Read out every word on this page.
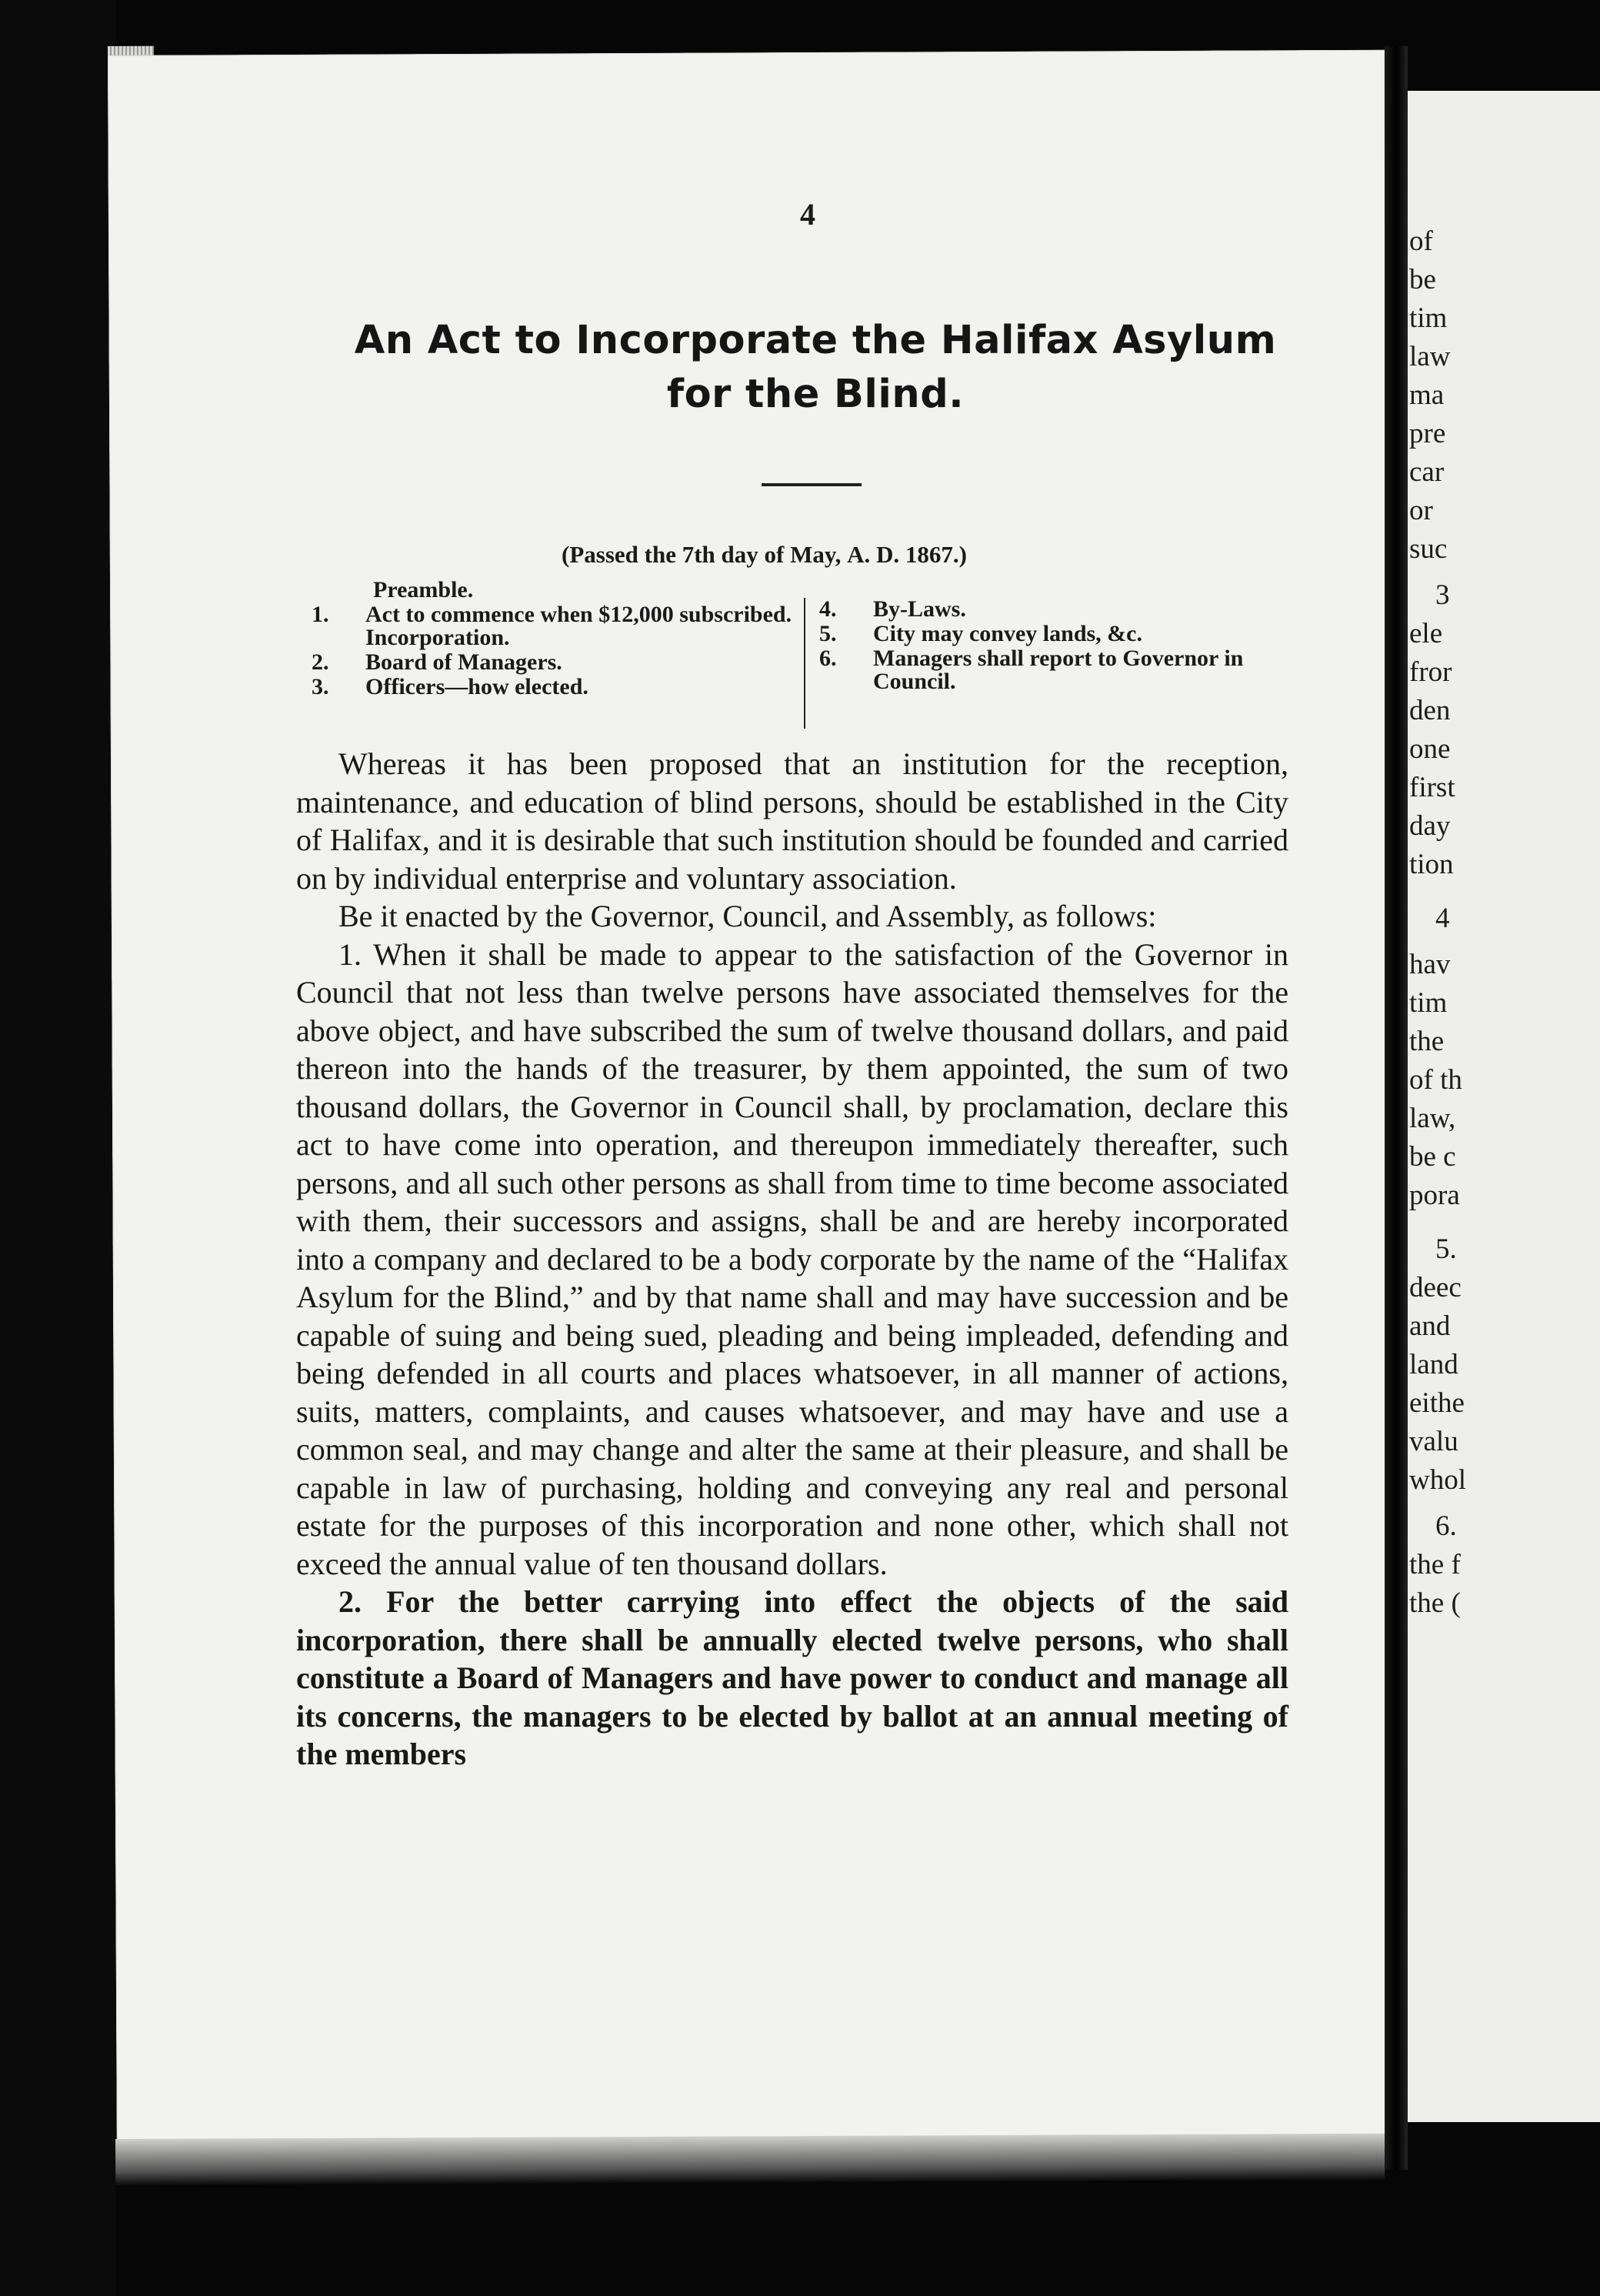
of
be
tim
law
ma
pre
car
or
suc
3
ele
fror
den
one
first
day
tion
4
hav
tim
the
of th
law,
be c
pora
5.
deec
and
land
eithe
valu
whol
6.
the f
the (
4
An Act to Incorporate the Halifax Asylum
for the Blind.
(Passed the 7th day of May, A. D. 1867.)
Preamble.
1. Act to commence when $12,000 subscribed. Incorporation.
2. Board of Managers.
3. Officers—how elected.
4. By-Laws.
5. City may convey lands, &c.
6. Managers shall report to Governor in Council.

Whereas it has been proposed that an institution for the reception, maintenance, and education of blind persons, should be established in the City of Halifax, and it is desirable that such institution should be founded and carried on by individual enterprise and voluntary association.

Be it enacted by the Governor, Council, and Assembly, as follows:

1. When it shall be made to appear to the satisfaction of the Governor in Council that not less than twelve persons have associated themselves for the above object, and have subscribed the sum of twelve thousand dollars, and paid thereon into the hands of the treasurer, by them appointed, the sum of two thousand dollars, the Governor in Council shall, by proclamation, declare this act to have come into operation, and thereupon immediately thereafter, such persons, and all such other persons as shall from time to time become associated with them, their successors and assigns, shall be and are hereby incorporated into a company and declared to be a body corporate by the name of the “Halifax Asylum for the Blind,” and by that name shall and may have succession and be capable of suing and being sued, pleading and being impleaded, defending and being defended in all courts and places whatsoever, in all manner of actions, suits, matters, complaints, and causes whatsoever, and may have and use a common seal, and may change and alter the same at their pleasure, and shall be capable in law of purchasing, holding and conveying any real and personal estate for the purposes of this incorporation and none other, which shall not exceed the annual value of ten thousand dollars.

2. For the better carrying into effect the objects of the said incorporation, there shall be annually elected twelve persons, who shall constitute a Board of Managers and have power to conduct and manage all its concerns, the managers to be elected by ballot at an annual meeting of the members
